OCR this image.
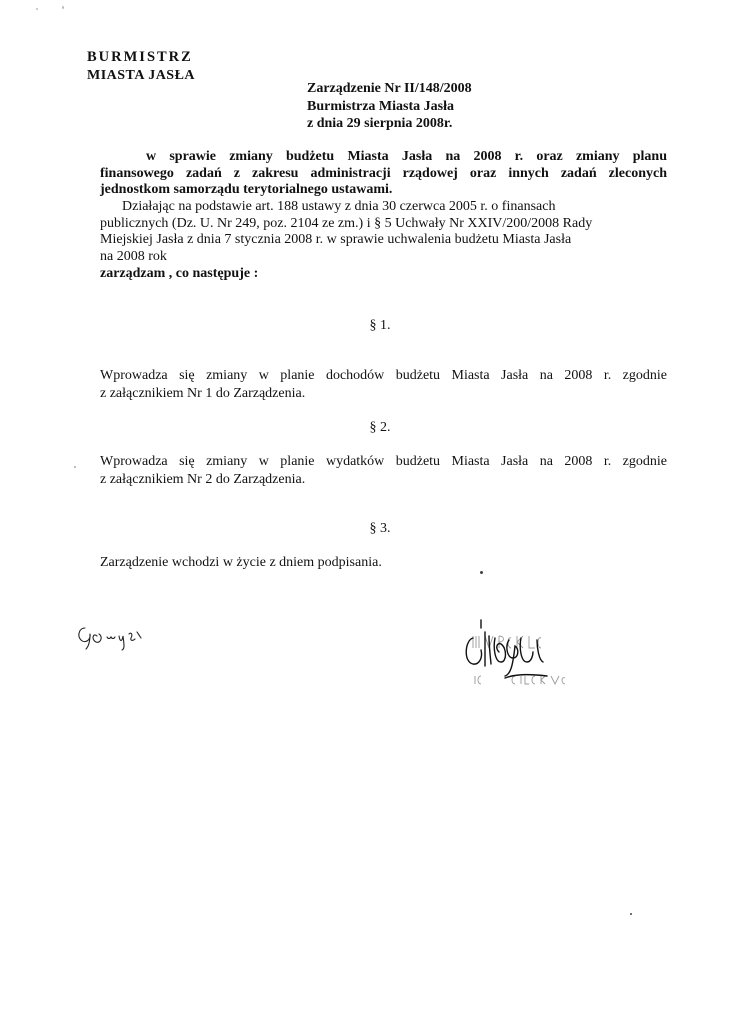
BURMISTRZ
MIASTA JASŁA
Zarządzenie Nr II/148/2008
Burmistrza Miasta Jasła
z dnia 29 sierpnia 2008r.
w sprawie zmiany budżetu Miasta Jasła na 2008 r. oraz zmiany planu
finansowego zadań z zakresu administracji rządowej oraz innych zadań zleconych
jednostkom samorządu terytorialnego ustawami.
Działając na podstawie art. 188 ustawy z dnia 30 czerwca 2005 r. o finansach
publicznych (Dz. U. Nr 249, poz. 2104 ze zm.) i § 5 Uchwały Nr XXIV/200/2008 Rady
Miejskiej Jasła z dnia 7 stycznia 2008 r. w sprawie uchwalenia budżetu Miasta Jasła
na 2008 rok
zarządzam , co następuje :
§ 1.
Wprowadza się zmiany w planie dochodów budżetu Miasta Jasła na 2008 r. zgodnie
z załącznikiem Nr 1 do Zarządzenia.
§ 2.
Wprowadza się zmiany w planie wydatków budżetu Miasta Jasła na 2008 r. zgodnie
z załącznikiem Nr 2 do Zarządzenia.
§ 3.
Zarządzenie wchodzi w życie z dniem podpisania.
